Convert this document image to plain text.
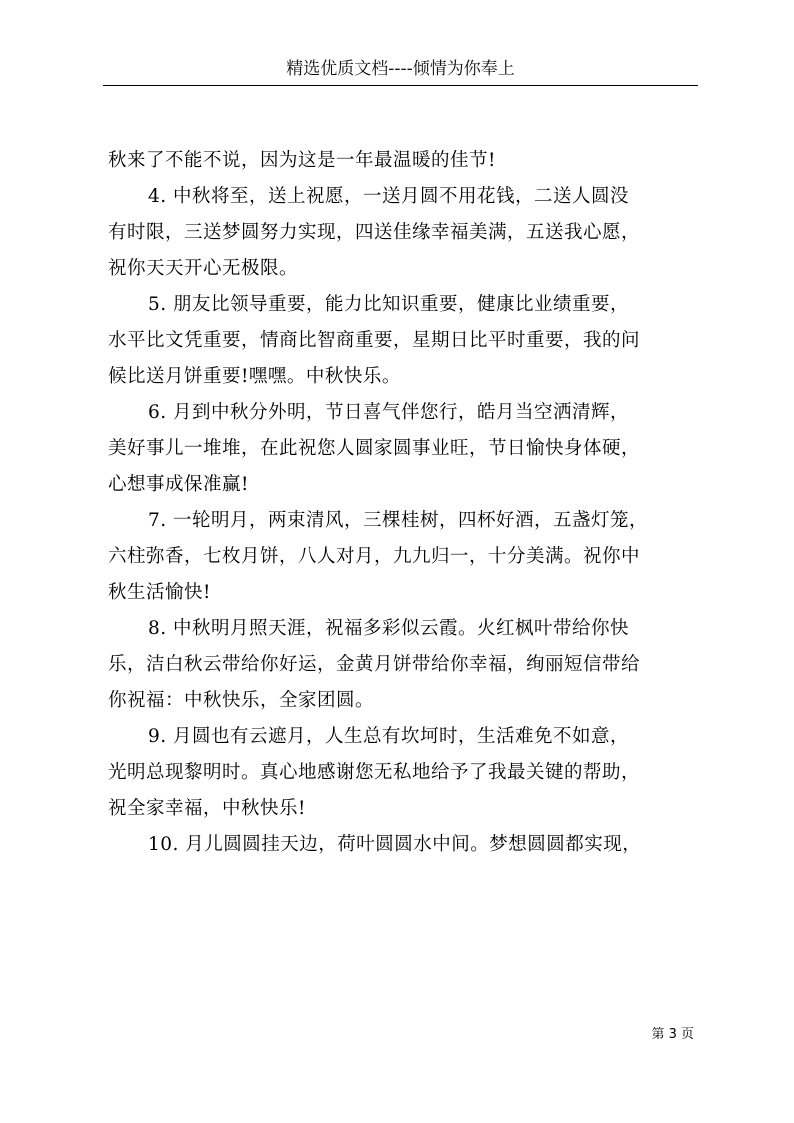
精选优质文档----倾情为你奉上
秋来了不能不说，因为这是一年最温暖的佳节!
4. 中秋将至，送上祝愿，一送月圆不用花钱，二送人圆没
有时限，三送梦圆努力实现，四送佳缘幸福美满，五送我心愿，
祝你天天开心无极限。
5. 朋友比领导重要，能力比知识重要，健康比业绩重要，
水平比文凭重要，情商比智商重要，星期日比平时重要，我的问
候比送月饼重要!嘿嘿。中秋快乐。
6. 月到中秋分外明，节日喜气伴您行，皓月当空洒清辉，
美好事儿一堆堆，在此祝您人圆家圆事业旺，节日愉快身体硬，
心想事成保准赢!
7. 一轮明月，两束清风，三棵桂树，四杯好酒，五盏灯笼，
六柱弥香，七枚月饼，八人对月，九九归一，十分美满。祝你中
秋生活愉快!
8. 中秋明月照天涯，祝福多彩似云霞。火红枫叶带给你快
乐，洁白秋云带给你好运，金黄月饼带给你幸福，绚丽短信带给
你祝福：中秋快乐，全家团圆。
9. 月圆也有云遮月，人生总有坎坷时，生活难免不如意，
光明总现黎明时。真心地感谢您无私地给予了我最关键的帮助，
祝全家幸福，中秋快乐!
10. 月儿圆圆挂天边，荷叶圆圆水中间。梦想圆圆都实现，
第 3 页
